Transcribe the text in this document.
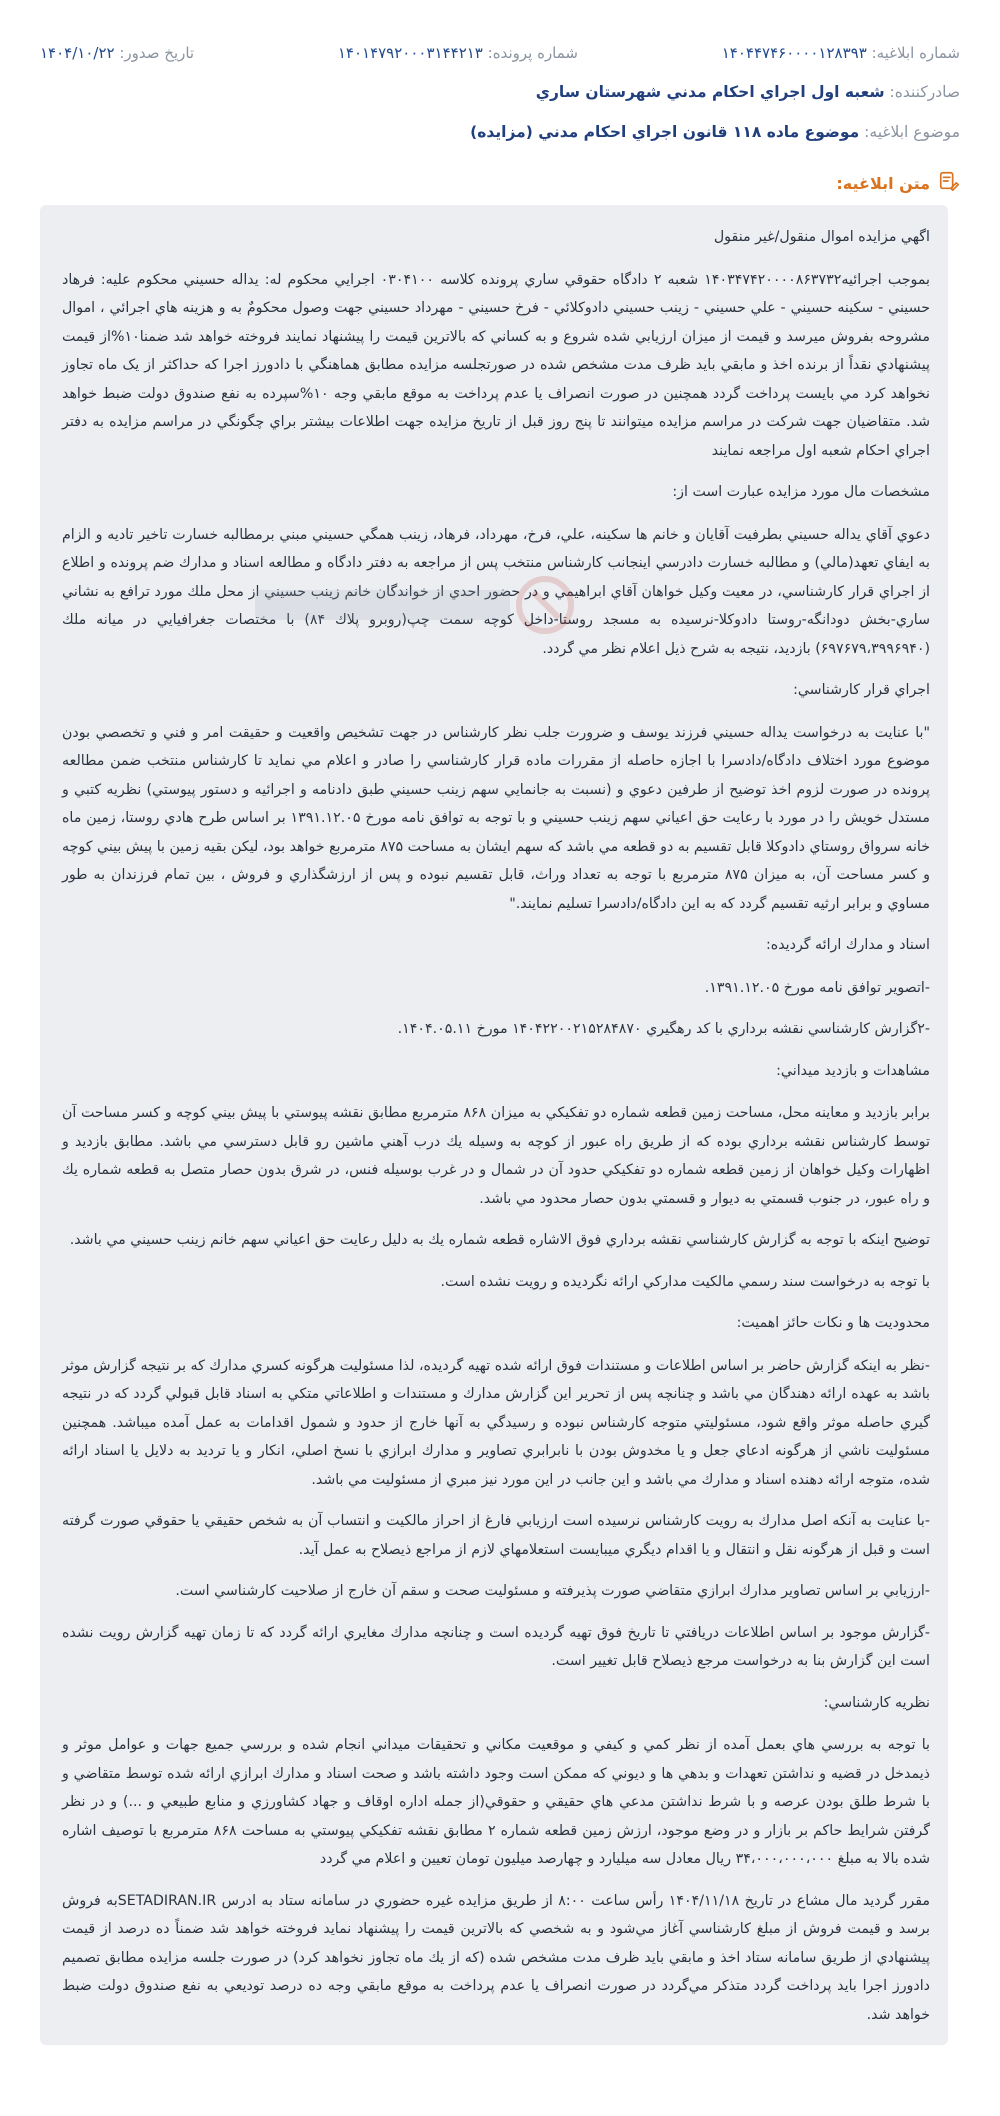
شماره ابلاغيه: ۱۴۰۴۴۷۴۶۰۰۰۰۱۲۸۳۹۳
شماره پرونده: ۱۴۰۱۴۷۹۲۰۰۰۳۱۴۴۲۱۳
تاريخ صدور: ۱۴۰۴/۱۰/۲۲
صادرکننده: شعبه اول اجراي احكام مدني شهرستان ساري
موضوع ابلاغيه: موضوع ماده ۱۱۸ قانون اجراي احكام مدني (مزايده)
متن ابلاغيه:

اگهي مزايده اموال منقول/غير منقول

بموجب اجرائيه۱۴۰۳۴۷۴۲۰۰۰۰۸۶۳۷۳۲ شعبه ۲ دادگاه حقوقي ساري پرونده كلاسه ۰۳۰۴۱۰۰ اجرايي محكوم له: يداله حسيني محكوم عليه: فرهاد حسيني - سكينه حسيني - علي حسيني - زينب حسيني دادوكلائي - فرخ حسيني - مهرداد حسيني جهت وصول محكومٌ به و هزينه هاي اجرائي ، اموال مشروحه بفروش ميرسد و قيمت از ميزان ارزيابي شده شروع و به كساني كه بالاترين قيمت را پيشنهاد نمايند فروخته خواهد شد ضمنا۱۰%از قيمت پيشنهادي نقداً از برنده اخذ و مابقي بايد ظرف مدت مشخص شده در صورتجلسه مزايده مطابق هماهنگي با دادورز اجرا كه حداكثر از يک ماه تجاوز نخواهد كرد مي بايست پرداخت گردد همچنين در صورت انصراف يا عدم پرداخت به موقع مابقي وجه ۱۰%سپرده به نفع صندوق دولت ضبط خواهد شد. متقاضيان جهت شركت در مراسم مزايده ميتوانند تا پنج روز قبل از تاريخ مزايده جهت اطلاعات بيشتر براي چگونگي در مراسم مزايده به دفتر اجراي احكام شعبه اول مراجعه نمايند

مشخصات مال مورد مزايده عبارت است از:

دعوي آقاي يداله حسيني بطرفيت آقايان و خانم ها سكينه، علي، فرخ، مهرداد، فرهاد، زينب همگي حسيني مبني برمطالبه خسارت تاخير تاديه و الزام به ايفاي تعهد(مالي) و مطالبه خسارت دادرسي اينجانب كارشناس منتخب پس از مراجعه به دفتر دادگاه و مطالعه اسناد و مدارك ضم پرونده و اطلاع از اجراي قرار كارشناسي، در معيت وكيل خواهان آقاي ابراهيمي و در حضور احدي از خواندگان خانم زينب حسيني از محل ملك مورد ترافع به نشاني ساري-بخش دودانگه-روستا دادوكلا-نرسيده به مسجد روستا-داخل كوچه سمت چپ(روبرو پلاك ۸۴) با مختصات جغرافيايي در ميانه ملك (۶۹۷۶۷۹،۳۹۹۶۹۴۰) بازديد، نتيجه به شرح ذيل اعلام نظر مي گردد.

اجراي قرار كارشناسي:

"با عنايت به درخواست يداله حسيني فرزند يوسف و ضرورت جلب نظر كارشناس در جهت تشخيص واقعيت و حقيقت امر و فني و تخصصي بودن موضوع مورد اختلاف دادگاه/دادسرا با اجازه حاصله از مقررات ماده قرار كارشناسي را صادر و اعلام مي نمايد تا كارشناس منتخب ضمن مطالعه پرونده در صورت لزوم اخذ توضيح از طرفين دعوي و (نسبت به جانمايي سهم زينب حسيني طبق دادنامه و اجرائيه و دستور پيوستي) نظريه كتبي و مستدل خويش را در مورد با رعايت حق اعياني سهم زينب حسيني و با توجه به توافق نامه مورخ ۱۳۹۱.۱۲.۰۵ بر اساس طرح هادي روستا، زمين ماه خانه سرواق روستاي دادوكلا قابل تقسيم به دو قطعه مي باشد كه سهم ايشان به مساحت ۸۷۵ مترمربع خواهد بود، ليكن بقيه زمين با پيش بيني كوچه و كسر مساحت آن، به ميزان ۸۷۵ مترمربع با توجه به تعداد وراث، قابل تقسيم نبوده و پس از ارزشگذاري و فروش ، بين تمام فرزندان به طور مساوي و برابر ارثيه تقسيم گردد كه به اين دادگاه/دادسرا تسليم نمايند."

اسناد و مدارك ارائه گرديده:

-اتصوير توافق نامه مورخ ۱۳۹۱.۱۲.۰۵.

-۲گزارش كارشناسي نقشه برداري با كد رهگيري ۱۴۰۴۲۲۰۰۲۱۵۲۸۴۸۷۰ مورخ ۱۴۰۴.۰۵.۱۱.

مشاهدات و بازديد ميداني:

برابر بازديد و معاينه محل، مساحت زمين قطعه شماره دو تفكيكي به ميزان ۸۶۸ مترمربع مطابق نقشه پيوستي با پيش بيني كوچه و كسر مساحت آن توسط كارشناس نقشه برداري بوده كه از طريق راه عبور از كوچه به وسيله يك درب آهني ماشين رو قابل دسترسي مي باشد. مطابق بازديد و اظهارات وكيل خواهان از زمين قطعه شماره دو تفكيكي حدود آن در شمال و در غرب بوسيله فنس، در شرق بدون حصار متصل به قطعه شماره يك و راه عبور، در جنوب قسمتي به ديوار و قسمتي بدون حصار محدود مي باشد.

توضيح اينكه با توجه به گزارش كارشناسي نقشه برداري فوق الاشاره قطعه شماره يك به دليل رعايت حق اعياني سهم خانم زينب حسيني مي باشد.

با توجه به درخواست سند رسمي مالكيت مداركي ارائه نگرديده و رويت نشده است.

محدوديت ها و نكات حائز اهميت:

-نظر به اينكه گزارش حاضر بر اساس اطلاعات و مستندات فوق ارائه شده تهيه گرديده، لذا مسئوليت هرگونه كسري مدارك كه بر نتيجه گزارش موثر باشد به عهده ارائه دهندگان مي باشد و چنانچه پس از تحرير اين گزارش مدارك و مستندات و اطلاعاتي متكي به اسناد قابل قبولي گردد كه در نتيجه گيري حاصله موثر واقع شود، مسئوليتي متوجه كارشناس نبوده و رسيدگي به آنها خارج از حدود و شمول اقدامات به عمل آمده ميباشد. همچنين مسئوليت ناشي از هرگونه ادعاي جعل و يا مخدوش بودن با نابرابري تصاوير و مدارك ابرازي با نسخ اصلي، انكار و يا ترديد به دلايل يا اسناد ارائه شده، متوجه ارائه دهنده اسناد و مدارك مي باشد و اين جانب در اين مورد نيز مبري از مسئوليت مي باشد.

-با عنايت به آنكه اصل مدارك به رويت كارشناس نرسيده است ارزيابي فارغ از احراز مالكيت و انتساب آن به شخص حقيقي يا حقوقي صورت گرفته است و قبل از هرگونه نقل و انتقال و يا اقدام ديگري ميبايست استعلامهاي لازم از مراجع ذيصلاح به عمل آيد.

-ارزيابي بر اساس تصاوير مدارك ابرازي متقاضي صورت پذيرفته و مسئوليت صحت و سقم آن خارج از صلاحيت كارشناسي است.

-گزارش موجود بر اساس اطلاعات دريافتي تا تاريخ فوق تهيه گرديده است و چنانچه مدارك مغايري ارائه گردد كه تا زمان تهيه گزارش رويت نشده است اين گزارش بنا به درخواست مرجع ذيصلاح قابل تغيير است.

نظريه كارشناسي:

با توجه به بررسي هاي بعمل آمده از نظر كمي و كيفي و موقعيت مكاني و تحقيقات ميداني انجام شده و بررسي جميع جهات و عوامل موثر و ذيمدخل در قضيه و نداشتن تعهدات و بدهي ها و ديوني كه ممكن است وجود داشته باشد و صحت اسناد و مدارك ابرازي ارائه شده توسط متقاضي و با شرط طلق بودن عرصه و با شرط نداشتن مدعي هاي حقيقي و حقوقي(از جمله اداره اوقاف و جهاد كشاورزي و منابع طبيعي و ...) و در نظر گرفتن شرايط حاكم بر بازار و در وضع موجود، ارزش زمين قطعه شماره ۲ مطابق نقشه تفكيكي پيوستي به مساحت ۸۶۸ مترمربع با توصيف اشاره شده بالا به مبلغ ۳۴،۰۰۰،۰۰۰،۰۰۰ ريال معادل سه ميليارد و چهارصد ميليون تومان تعيين و اعلام مي گردد

مقرر گرديد مال مشاع در تاريخ ۱۴۰۴/۱۱/۱۸ رأس ساعت ۸:۰۰ از طريق مزايده غيره حضوري در سامانه ستاد به ادرس SETADIRAN.IRبه فروش برسد و قيمت فروش از مبلغ كارشناسي آغاز مي‌شود و به شخصي كه بالاترين قيمت را پيشنهاد نمايد فروخته خواهد شد ضمناً ده درصد از قيمت پيشنهادي از طريق سامانه ستاد اخذ و مابقي بايد ظرف مدت مشخص شده (كه از يك ماه تجاوز نخواهد كرد) در صورت جلسه مزايده مطابق تصميم دادورز اجرا بايد پرداخت گردد متذكر مي‌گردد در صورت انصراف يا عدم پرداخت به موقع مابقي وجه ده درصد توديعي به نفع صندوق دولت ضبط خواهد شد.
